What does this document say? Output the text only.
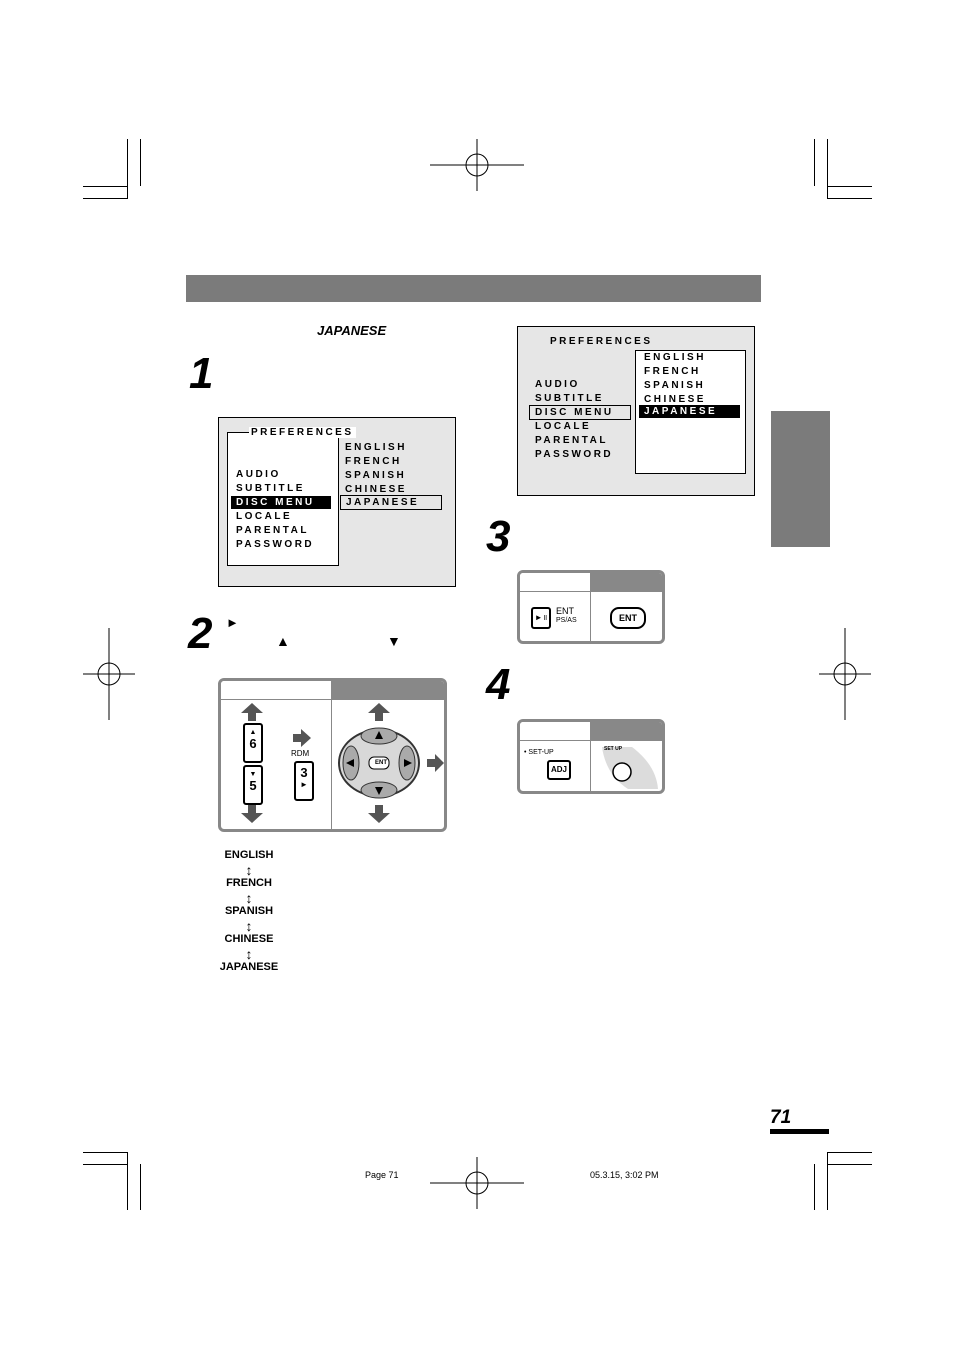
JAPANESE
1
2
3
4
PREFERENCES
AUDIO
SUBTITLE
DISC MENU
LOCALE
PARENTAL
PASSWORD
ENGLISH
FRENCH
SPANISH
CHINESE
JAPANESE
PREFERENCES
AUDIO
SUBTITLE
DISC MENU
LOCALE
PARENTAL
PASSWORD
ENGLISH
FRENCH
SPANISH
CHINESE
JAPANESE
►
▲	▼
▲
6
▼
5
RDM
3
►
ENT
►॥
ENT
PS/AS	ENT
• SET-UP
ADJ
SET UP
ENGLISH
↕
FRENCH
↕
SPANISH
↕
CHINESE
↕
JAPANESE
71
Page 71	05.3.15, 3:02 PM
